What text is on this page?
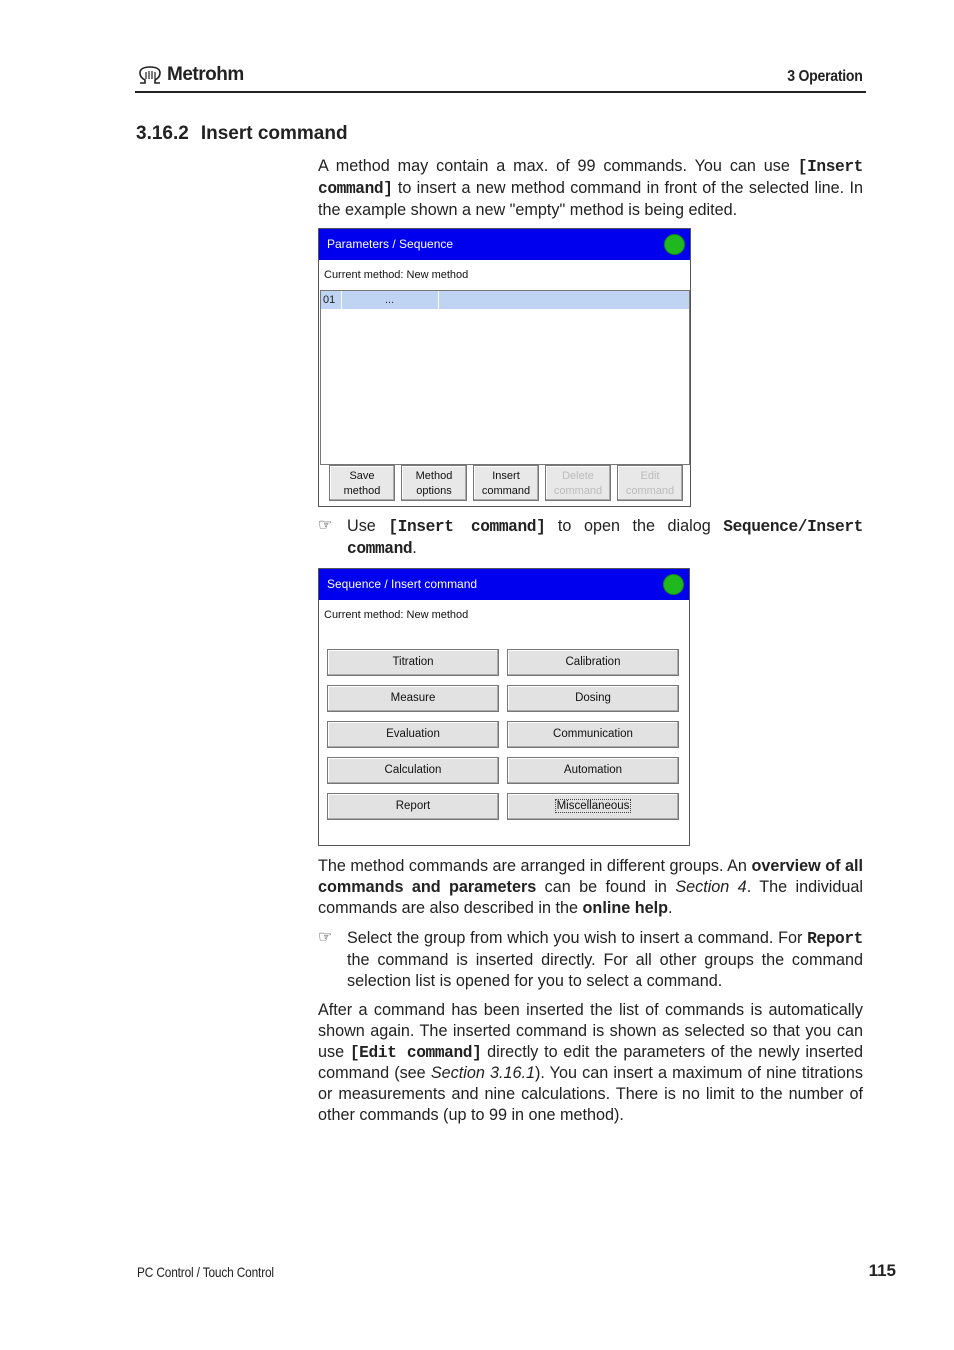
Metrohm	3 Operation
3.16.2 Insert command
A method may contain a max. of 99 commands. You can use [Insert command] to insert a new method command in front of the selected line. In the example shown a new "empty" method is being edited.
Parameters / Sequence
Current method: New method
01	...
Save
method
Method
options
Insert
command
Delete
command
Edit
command
☞ Use [Insert command] to open the dialog Sequence/Insert command.
Sequence / Insert command
Current method: New method
Titration	Calibration
Measure	Dosing
Evaluation	Communication
Calculation	Automation
Report	Miscellaneous
The method commands are arranged in different groups. An overview of all commands and parameters can be found in Section 4. The individual commands are also described in the online help.
☞ Select the group from which you wish to insert a command. For Report the command is inserted directly. For all other groups the command selection list is opened for you to select a command.
After a command has been inserted the list of commands is automatically shown again. The inserted command is shown as selected so that you can use [Edit command] directly to edit the parameters of the newly inserted command (see Section 3.16.1). You can insert a maximum of nine titrations or measurements and nine calculations. There is no limit to the number of other commands (up to 99 in one method).
PC Control / Touch Control	115
